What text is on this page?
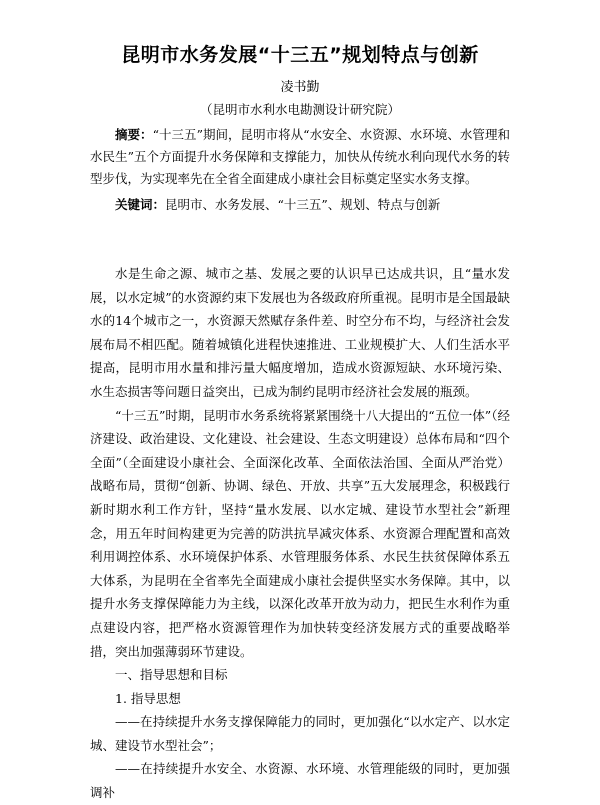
昆明市水务发展“十三五”规划特点与创新
凌书勤
（昆明市水利水电勘测设计研究院）
摘要：“十三五”期间，昆明市将从“水安全、水资源、水环境、水管理和水民生”五个方面提升水务保障和支撑能力，加快从传统水利向现代水务的转型步伐，为实现率先在全省全面建成小康社会目标奠定坚实水务支撑。
关键词：昆明市、水务发展、“十三五”、规划、特点与创新

水是生命之源、城市之基、发展之要的认识早已达成共识，且“量水发展，以水定城”的水资源约束下发展也为各级政府所重视。昆明市是全国最缺水的14个城市之一，水资源天然赋存条件差、时空分布不均，与经济社会发展布局不相匹配。随着城镇化进程快速推进、工业规模扩大、人们生活水平提高，昆明市用水量和排污量大幅度增加，造成水资源短缺、水环境污染、水生态损害等问题日益突出，已成为制约昆明市经济社会发展的瓶颈。

“十三五”时期，昆明市水务系统将紧紧围绕十八大提出的“五位一体”（经济建设、政治建设、文化建设、社会建设、生态文明建设）总体布局和“四个全面”（全面建设小康社会、全面深化改革、全面依法治国、全面从严治党）战略布局，贯彻“创新、协调、绿色、开放、共享”五大发展理念，积极践行新时期水利工作方针，坚持“量水发展、以水定城、建设节水型社会”新理念，用五年时间构建更为完善的防洪抗旱减灾体系、水资源合理配置和高效利用调控体系、水环境保护体系、水管理服务体系、水民生扶贫保障体系五大体系，为昆明在全省率先全面建成小康社会提供坚实水务保障。其中，以提升水务支撑保障能力为主线，以深化改革开放为动力，把民生水利作为重点建设内容，把严格水资源管理作为加快转变经济发展方式的重要战略举措，突出加强薄弱环节建设。

一、指导思想和目标

1. 指导思想

——在持续提升水务支撑保障能力的同时，更加强化“以水定产、以水定城、建设节水型社会”；

——在持续提升水安全、水资源、水环境、水管理能级的同时，更加强调补
